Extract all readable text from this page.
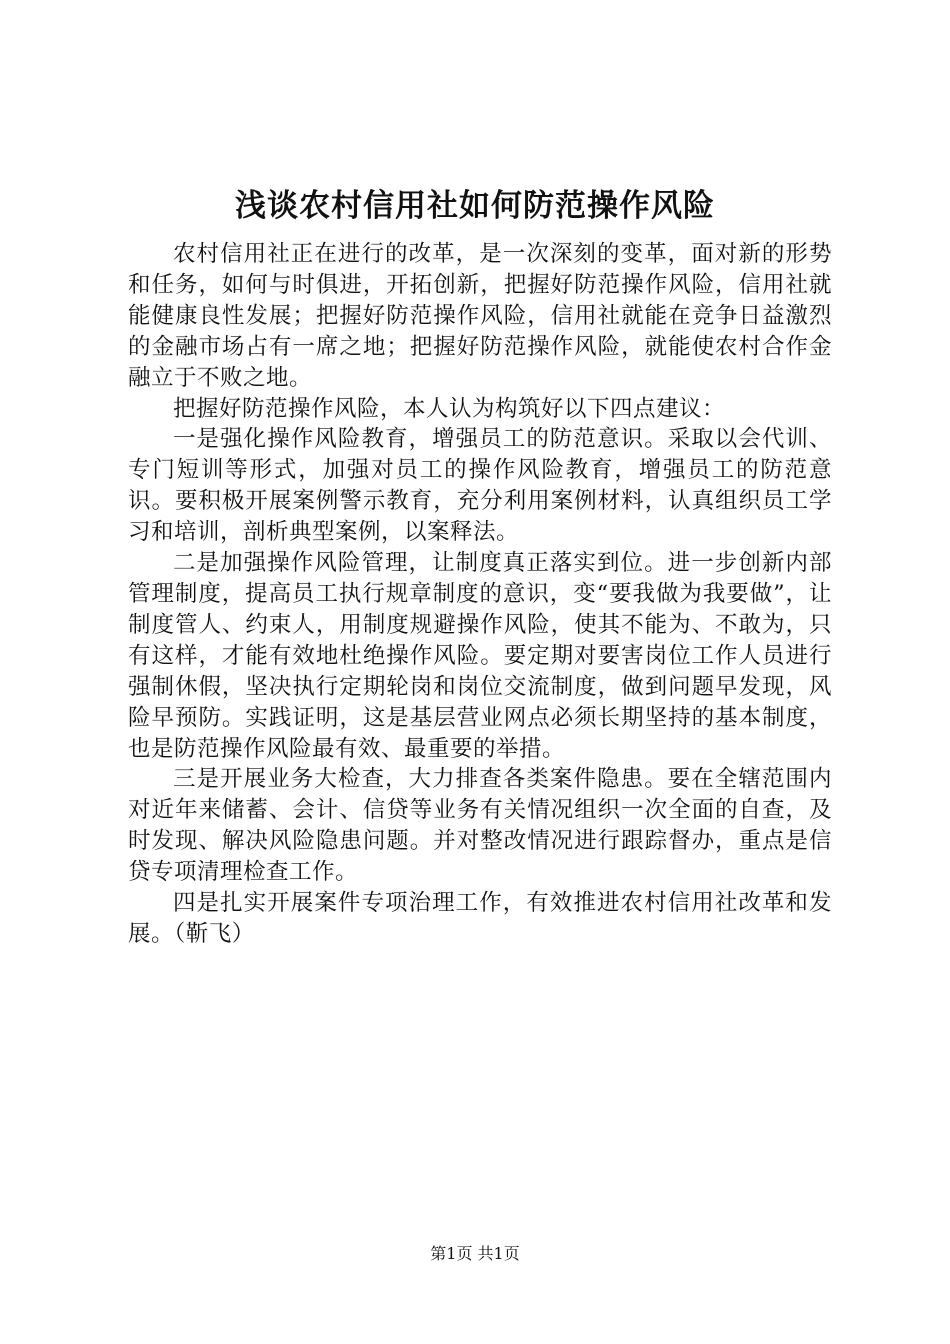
浅谈农村信用社如何防范操作风险

农村信用社正在进行的改革，是一次深刻的变革，面对新的形势和任务，如何与时俱进，开拓创新，把握好防范操作风险，信用社就能健康良性发展；把握好防范操作风险，信用社就能在竞争日益激烈的金融市场占有一席之地；把握好防范操作风险，就能使农村合作金融立于不败之地。

把握好防范操作风险，本人认为构筑好以下四点建议：

一是强化操作风险教育，增强员工的防范意识。采取以会代训、专门短训等形式，加强对员工的操作风险教育，增强员工的防范意识。要积极开展案例警示教育，充分利用案例材料，认真组织员工学习和培训，剖析典型案例，以案释法。

二是加强操作风险管理，让制度真正落实到位。进一步创新内部管理制度，提高员工执行规章制度的意识，变“要我做为我要做”，让制度管人、约束人，用制度规避操作风险，使其不能为、不敢为，只有这样，才能有效地杜绝操作风险。要定期对要害岗位工作人员进行强制休假，坚决执行定期轮岗和岗位交流制度，做到问题早发现，风险早预防。实践证明，这是基层营业网点必须长期坚持的基本制度，也是防范操作风险最有效、最重要的举措。

三是开展业务大检查，大力排查各类案件隐患。要在全辖范围内对近年来储蓄、会计、信贷等业务有关情况组织一次全面的自查，及时发现、解决风险隐患问题。并对整改情况进行跟踪督办，重点是信贷专项清理检查工作。

四是扎实开展案件专项治理工作，有效推进农村信用社改革和发展。（靳飞）

第1页 共1页
